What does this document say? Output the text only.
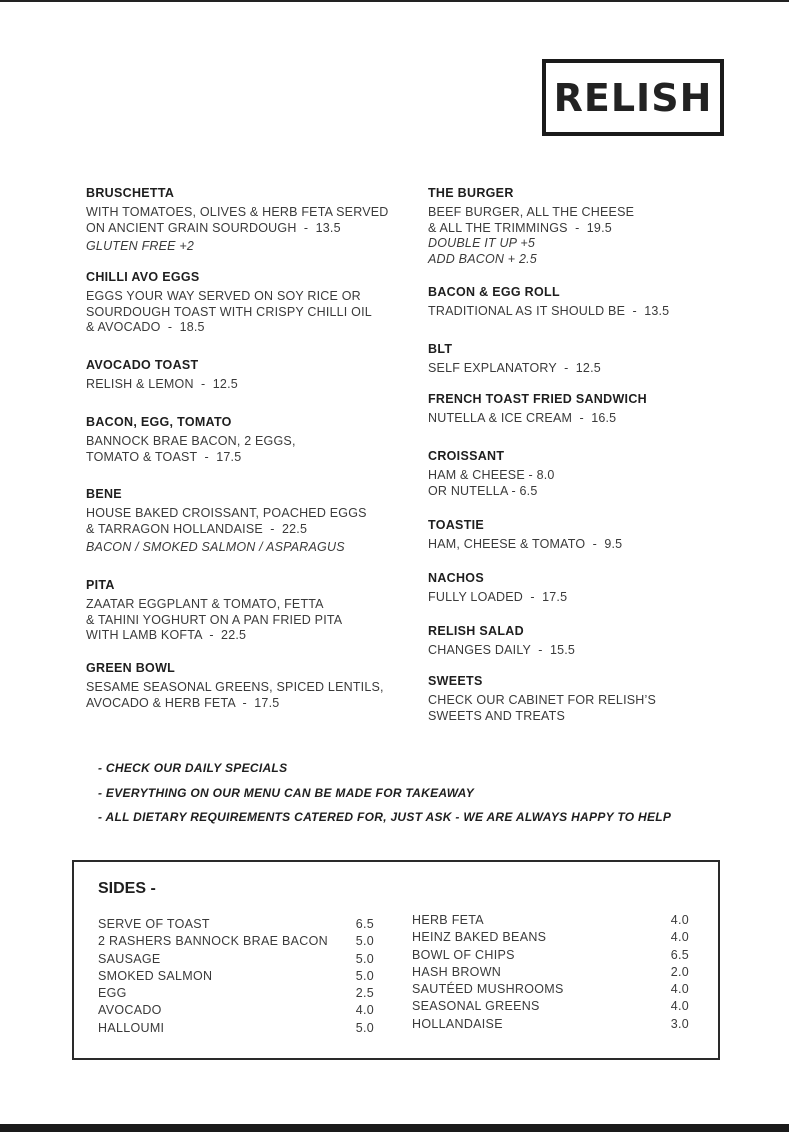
RELISH
BRUSCHETTA
WITH TOMATOES, OLIVES & HERB FETA SERVED
ON ANCIENT GRAIN SOURDOUGH  -  13.5
GLUTEN FREE +2
CHILLI AVO EGGS
EGGS YOUR WAY SERVED ON SOY RICE OR
SOURDOUGH TOAST WITH CRISPY CHILLI OIL
& AVOCADO  -  18.5
AVOCADO TOAST
RELISH & LEMON  -  12.5
BACON, EGG, TOMATO
BANNOCK BRAE BACON, 2 EGGS,
TOMATO & TOAST  -  17.5
BENE
HOUSE BAKED CROISSANT, POACHED EGGS
& TARRAGON HOLLANDAISE  -  22.5
BACON / SMOKED SALMON / ASPARAGUS
PITA
ZAATAR EGGPLANT & TOMATO, FETTA
& TAHINI YOGHURT ON A PAN FRIED PITA
WITH LAMB KOFTA  -  22.5
GREEN BOWL
SESAME SEASONAL GREENS, SPICED LENTILS,
AVOCADO & HERB FETA  -  17.5
THE BURGER
BEEF BURGER, ALL THE CHEESE
& ALL THE TRIMMINGS  -  19.5
DOUBLE IT UP +5
ADD BACON + 2.5
BACON & EGG ROLL
TRADITIONAL AS IT SHOULD BE  -  13.5
BLT
SELF EXPLANATORY  -  12.5
FRENCH TOAST FRIED SANDWICH
NUTELLA & ICE CREAM  -  16.5
CROISSANT
HAM & CHEESE - 8.0
OR NUTELLA - 6.5
TOASTIE
HAM, CHEESE & TOMATO  -  9.5
NACHOS
FULLY LOADED  -  17.5
RELISH SALAD
CHANGES DAILY  -  15.5
SWEETS
CHECK OUR CABINET FOR RELISH’S
SWEETS AND TREATS
- CHECK OUR DAILY SPECIALS
- EVERYTHING ON OUR MENU CAN BE MADE FOR TAKEAWAY
- ALL DIETARY REQUIREMENTS CATERED FOR, JUST ASK - WE ARE ALWAYS HAPPY TO HELP
SIDES -
SERVE OF TOAST	6.5
2 RASHERS BANNOCK BRAE BACON 5.0
SAUSAGE	5.0
SMOKED SALMON	5.0
EGG	2.5
AVOCADO	4.0
HALLOUMI	5.0
HERB FETA	4.0
HEINZ BAKED BEANS	4.0
BOWL OF CHIPS	6.5
HASH BROWN	2.0
SAUTÉED MUSHROOMS	4.0
SEASONAL GREENS	4.0
HOLLANDAISE	3.0
